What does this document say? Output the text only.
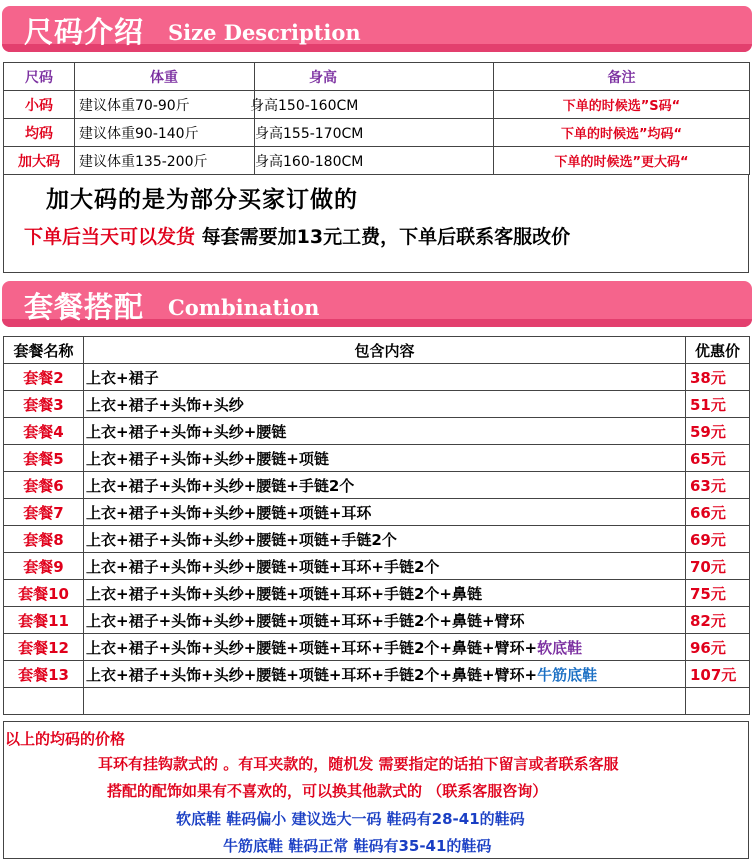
尺码介绍 Size Description
尺码	体重	身高	备注
小码	建议体重70-90斤	身高150-160CM	下单的时候选”S码“
均码	建议体重90-140斤	身高155-170CM	下单的时候选”均码“
加大码	建议体重135-200斤	身高160-180CM	下单的时候选”更大码“
加大码的是为部分买家订做的
下单后当天可以发货 每套需要加13元工费，下单后联系客服改价
套餐搭配 Combination
套餐名称	包含内容	优惠价
套餐2	上衣+裙子	38元
套餐3	上衣+裙子+头饰+头纱	51元
套餐4	上衣+裙子+头饰+头纱+腰链	59元
套餐5	上衣+裙子+头饰+头纱+腰链+项链	65元
套餐6	上衣+裙子+头饰+头纱+腰链+手链2个	63元
套餐7	上衣+裙子+头饰+头纱+腰链+项链+耳环	66元
套餐8	上衣+裙子+头饰+头纱+腰链+项链+手链2个	69元
套餐9	上衣+裙子+头饰+头纱+腰链+项链+耳环+手链2个	70元
套餐10	上衣+裙子+头饰+头纱+腰链+项链+耳环+手链2个+鼻链	75元
套餐11	上衣+裙子+头饰+头纱+腰链+项链+耳环+手链2个+鼻链+臂环	82元
套餐12	上衣+裙子+头饰+头纱+腰链+项链+耳环+手链2个+鼻链+臂环+软底鞋	96元
套餐13	上衣+裙子+头饰+头纱+腰链+项链+耳环+手链2个+鼻链+臂环+牛筋底鞋	107元

以上的均码的价格
耳环有挂钩款式的 。有耳夹款的，随机发 需要指定的话拍下留言或者联系客服
搭配的配饰如果有不喜欢的，可以换其他款式的 （联系客服咨询）
软底鞋 鞋码偏小 建议选大一码 鞋码有28-41的鞋码
牛筋底鞋 鞋码正常 鞋码有35-41的鞋码
